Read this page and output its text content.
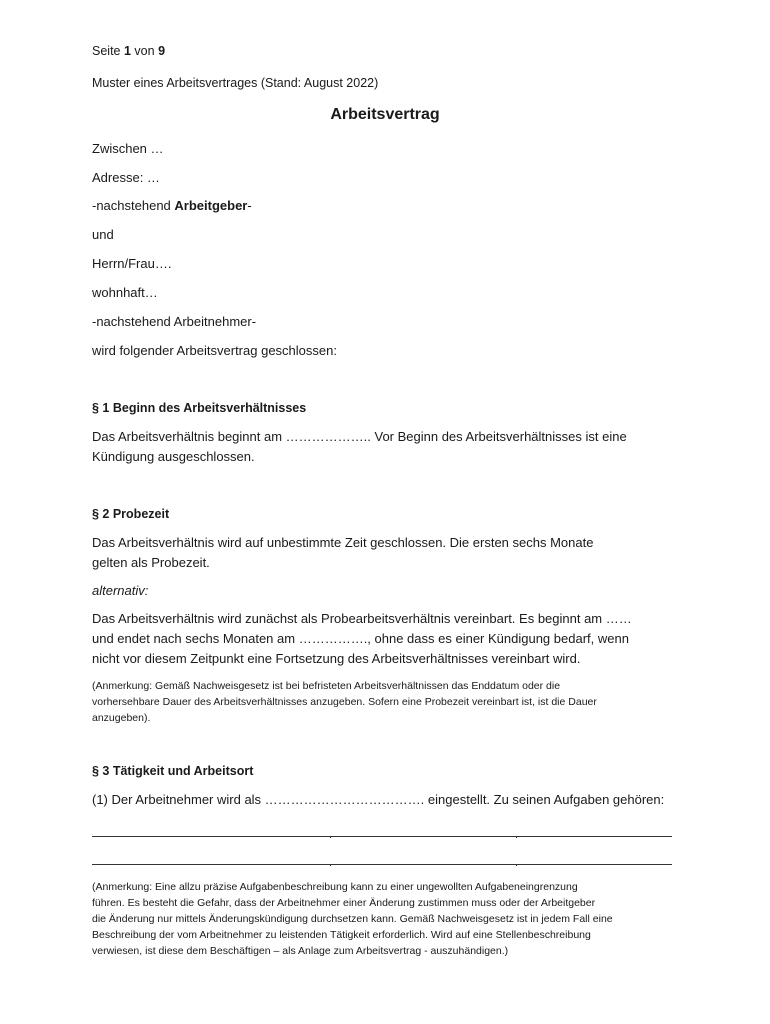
Seite 1 von 9
Muster eines Arbeitsvertrages (Stand: August 2022)
Arbeitsvertrag
Zwischen …
Adresse: …
-nachstehend Arbeitgeber-
und
Herrn/Frau….
wohnhaft…
-nachstehend Arbeitnehmer-
wird folgender Arbeitsvertrag geschlossen:
§ 1 Beginn des Arbeitsverhältnisses
Das Arbeitsverhältnis beginnt am ……………….. Vor Beginn des Arbeitsverhältnisses ist eine
Kündigung ausgeschlossen.
§ 2 Probezeit
Das Arbeitsverhältnis wird auf unbestimmte Zeit geschlossen. Die ersten sechs Monate
gelten als Probezeit.
alternativ:
Das Arbeitsverhältnis wird zunächst als Probearbeitsverhältnis vereinbart. Es beginnt am ……
und endet nach sechs Monaten am ……………., ohne dass es einer Kündigung bedarf, wenn
nicht vor diesem Zeitpunkt eine Fortsetzung des Arbeitsverhältnisses vereinbart wird.
(Anmerkung: Gemäß Nachweisgesetz ist bei befristeten Arbeitsverhältnissen das Enddatum oder die
vorhersehbare Dauer des Arbeitsverhältnisses anzugeben. Sofern eine Probezeit vereinbart ist, ist die Dauer
anzugeben).
§ 3 Tätigkeit und Arbeitsort
(1) Der Arbeitnehmer wird als ………………………………. eingestellt. Zu seinen Aufgaben gehören:
(Anmerkung: Eine allzu präzise Aufgabenbeschreibung kann zu einer ungewollten Aufgabeneingrenzung
führen. Es besteht die Gefahr, dass der Arbeitnehmer einer Änderung zustimmen muss oder der Arbeitgeber
die Änderung nur mittels Änderungskündigung durchsetzen kann. Gemäß Nachweisgesetz ist in jedem Fall eine
Beschreibung der vom Arbeitnehmer zu leistenden Tätigkeit erforderlich. Wird auf eine Stellenbeschreibung
verwiesen, ist diese dem Beschäftigen – als Anlage zum Arbeitsvertrag - auszuhändigen.)
